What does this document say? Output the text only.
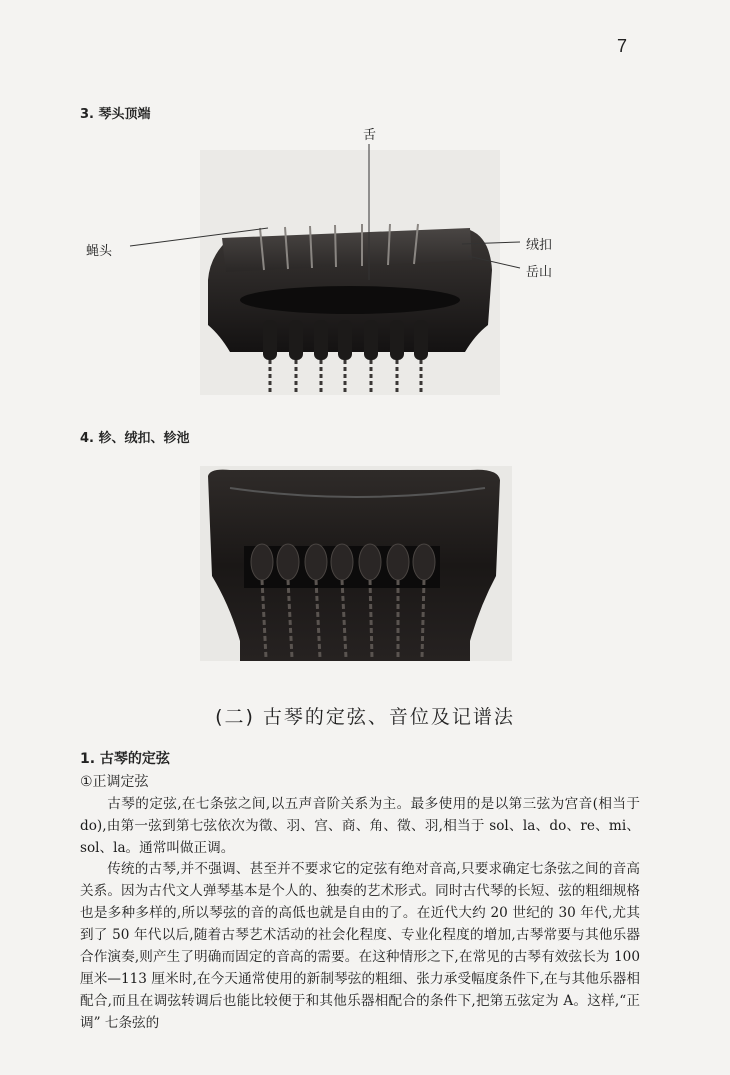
7
3. 琴头顶端
舌
蝇头	绒扣
岳山
4. 轸、绒扣、轸池
(二) 古琴的定弦、音位及记谱法
1. 古琴的定弦
①正调定弦
古琴的定弦,在七条弦之间,以五声音阶关系为主。最多使用的是以第三弦为宫音(相当于do),由第一弦到第七弦依次为徵、羽、宫、商、角、徵、羽,相当于 sol、la、do、re、mi、sol、la。通常叫做正调。
传统的古琴,并不强调、甚至并不要求它的定弦有绝对音高,只要求确定七条弦之间的音高关系。因为古代文人弹琴基本是个人的、独奏的艺术形式。同时古代琴的长短、弦的粗细规格也是多种多样的,所以琴弦的音的高低也就是自由的了。在近代大约 20 世纪的 30 年代,尤其到了 50 年代以后,随着古琴艺术活动的社会化程度、专业化程度的增加,古琴常要与其他乐器合作演奏,则产生了明确而固定的音高的需要。在这种情形之下,在常见的古琴有效弦长为 100 厘米—113 厘米时,在今天通常使用的新制琴弦的粗细、张力承受幅度条件下,在与其他乐器相配合,而且在调弦转调后也能比较便于和其他乐器相配合的条件下,把第五弦定为 A。这样,“正调” 七条弦的
